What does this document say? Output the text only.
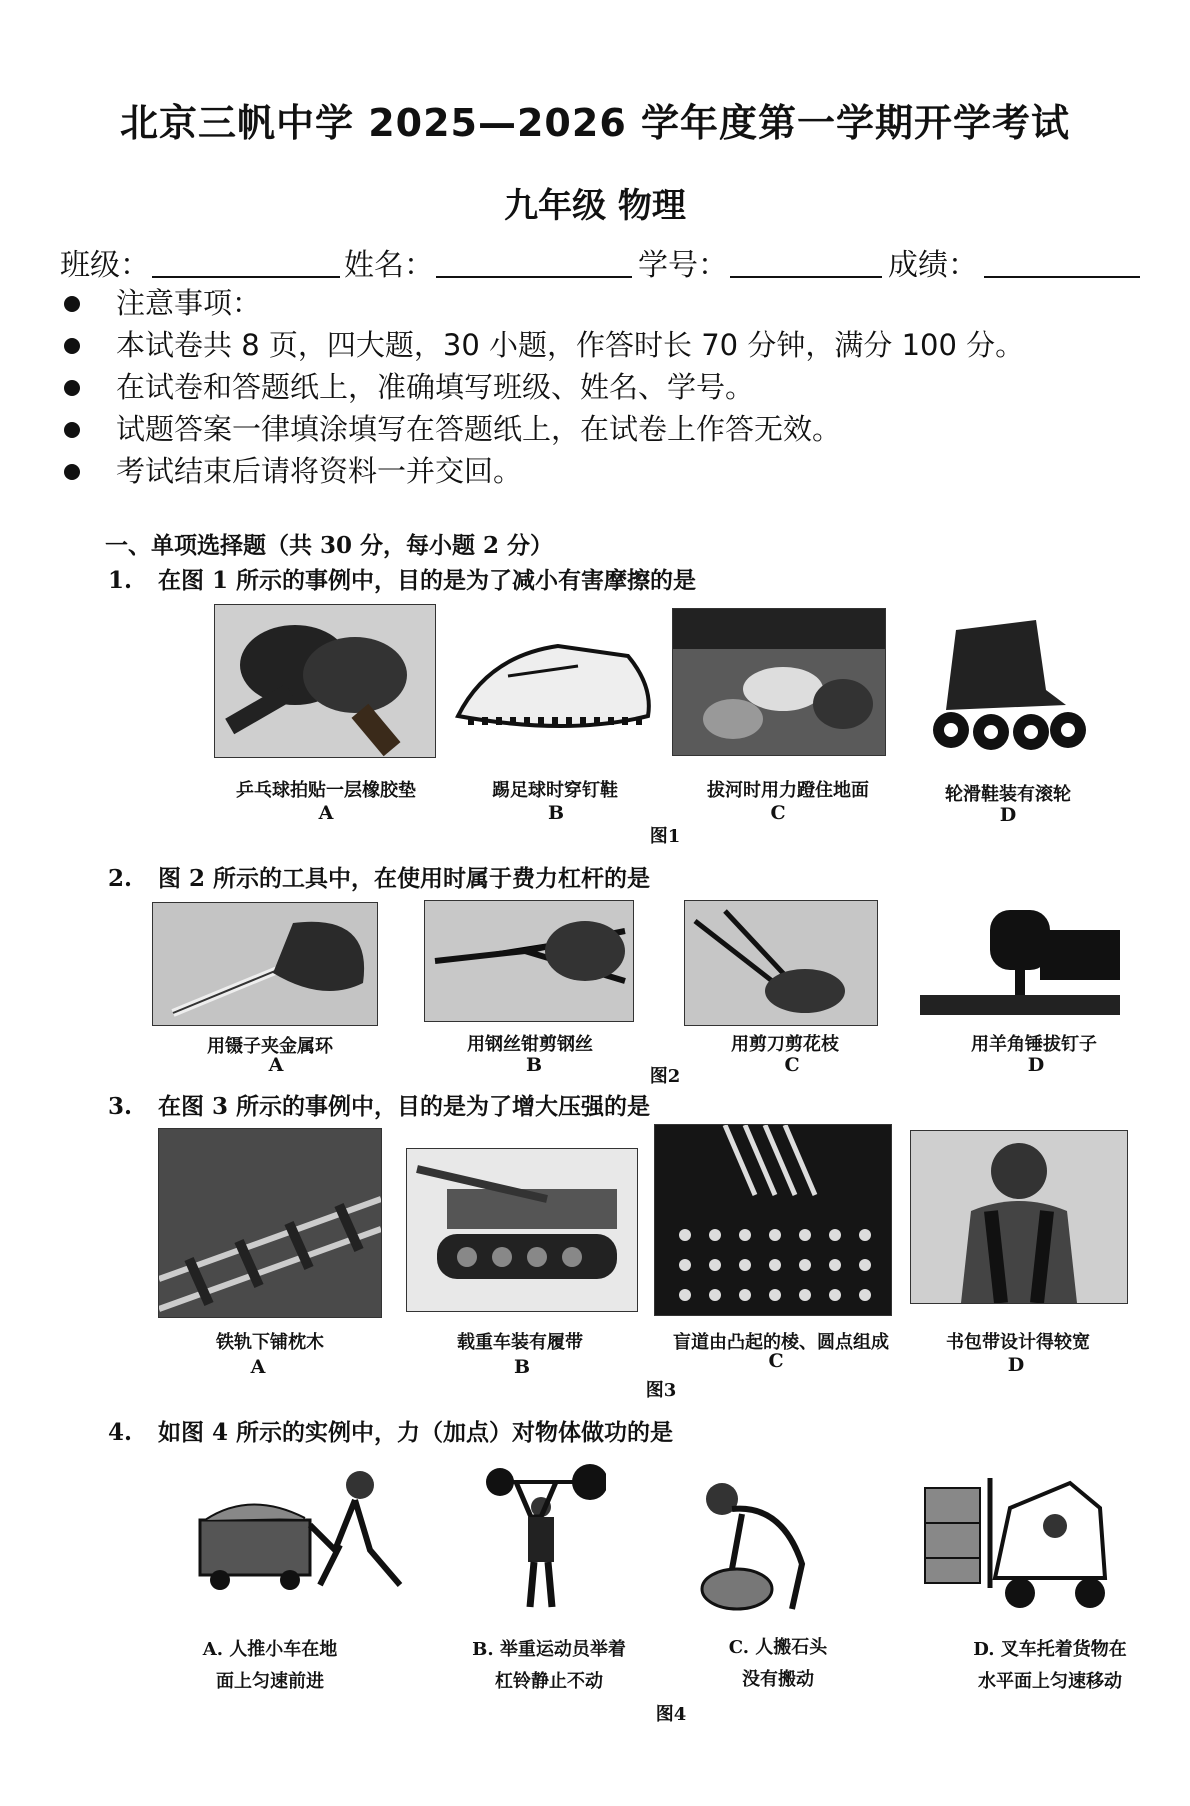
北京三帆中学 2025—2026 学年度第一学期开学考试
九年级 物理
班级：	姓名：	学号：	成绩：
注意事项：
本试卷共 8 页，四大题，30 小题，作答时长 70 分钟，满分 100 分。
在试卷和答题纸上，准确填写班级、姓名、学号。
试题答案一律填涂填写在答题纸上，在试卷上作答无效。
考试结束后请将资料一并交回。
一、单项选择题（共 30 分，每小题 2 分）
1. 在图 1 所示的事例中，目的是为了减小有害摩擦的是
乒乓球拍贴一层橡胶垫	踢足球时穿钉鞋	拔河时用力蹬住地面	轮滑鞋装有滚轮
A	B	C	D
图1
2. 图 2 所示的工具中，在使用时属于费力杠杆的是
用镊子夹金属环	用钢丝钳剪钢丝	用剪刀剪花枝	用羊角锤拔钉子
A	B
图2
C	D
3. 在图 3 所示的事例中，目的是为了增大压强的是
铁轨下铺枕木	载重车装有履带	盲道由凸起的棱、圆点组成	书包带设计得较宽
A	B	C	D
图3
4. 如图 4 所示的实例中，力（加点）对物体做功的是
A. 人推小车在地
面上匀速前进
B. 举重运动员举着
杠铃静止不动
C. 人搬石头
没有搬动
D. 叉车托着货物在
水平面上匀速移动
图4
